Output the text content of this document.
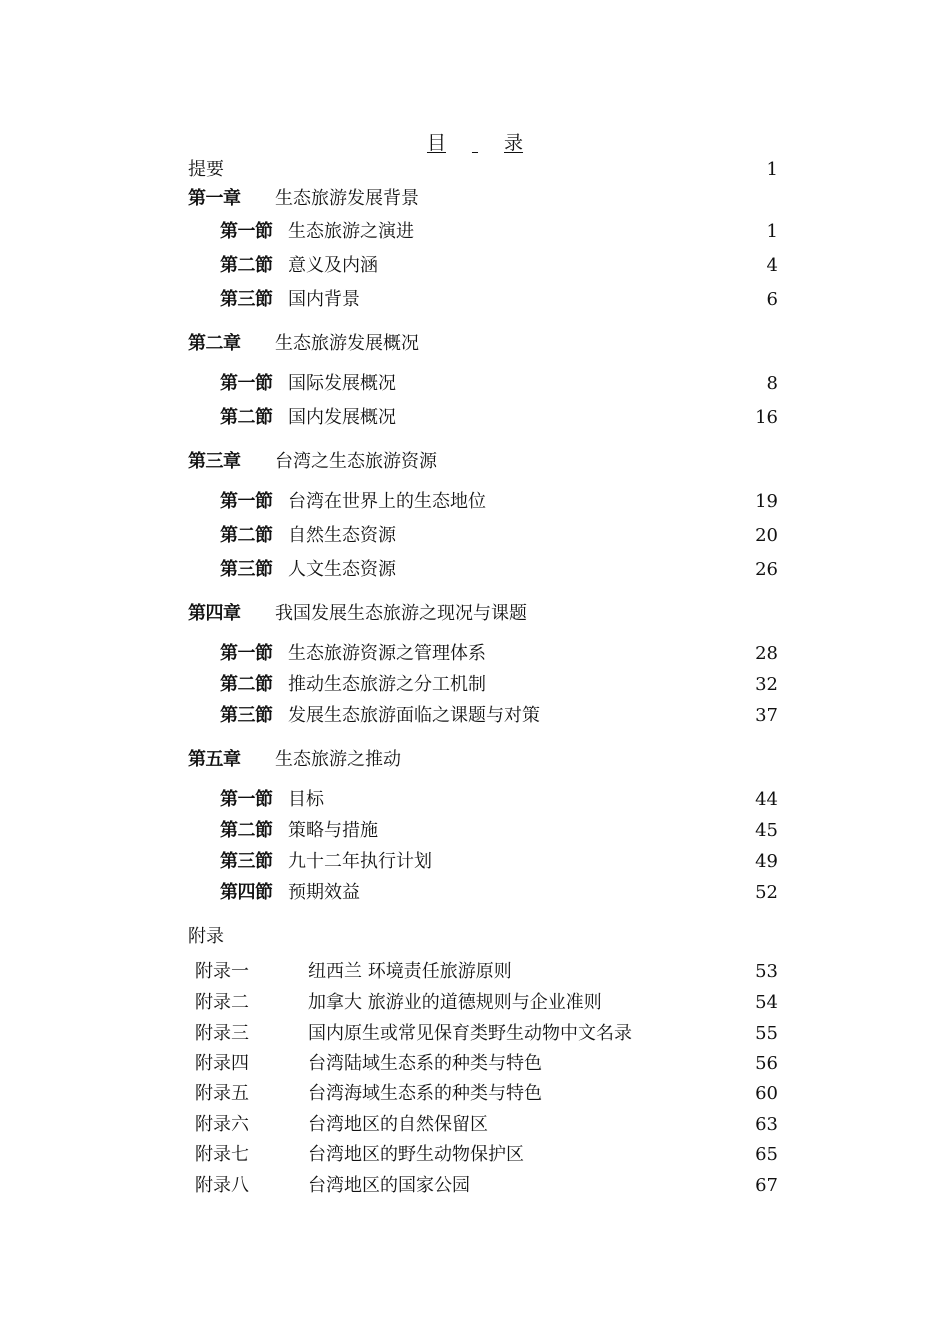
目	录
提要	1
第一章 生态旅游发展背景
第一節 生态旅游之演进	1
第二節 意义及内涵	4
第三節 国内背景	6
第二章 生态旅游发展概况
第一節 国际发展概况	8
第二節 国内发展概况	16
第三章 台湾之生态旅游资源
第一節 台湾在世界上的生态地位	19
第二節 自然生态资源	20
第三節 人文生态资源	26
第四章 我国发展生态旅游之现况与课题
第一節 生态旅游资源之管理体系	28
第二節 推动生态旅游之分工机制	32
第三節 发展生态旅游面临之课题与对策	37
第五章 生态旅游之推动
第一節 目标	44
第二節 策略与措施	45
第三節 九十二年执行计划	49
第四節 预期效益	52
附录
附录一	纽西兰 环境责任旅游原则	53
附录二	加拿大 旅游业的道德规则与企业准则	54
附录三	国内原生或常见保育类野生动物中文名录	55
附录四	台湾陆域生态系的种类与特色	56
附录五	台湾海域生态系的种类与特色	60
附录六	台湾地区的自然保留区	63
附录七	台湾地区的野生动物保护区	65
附录八	台湾地区的国家公园	67
